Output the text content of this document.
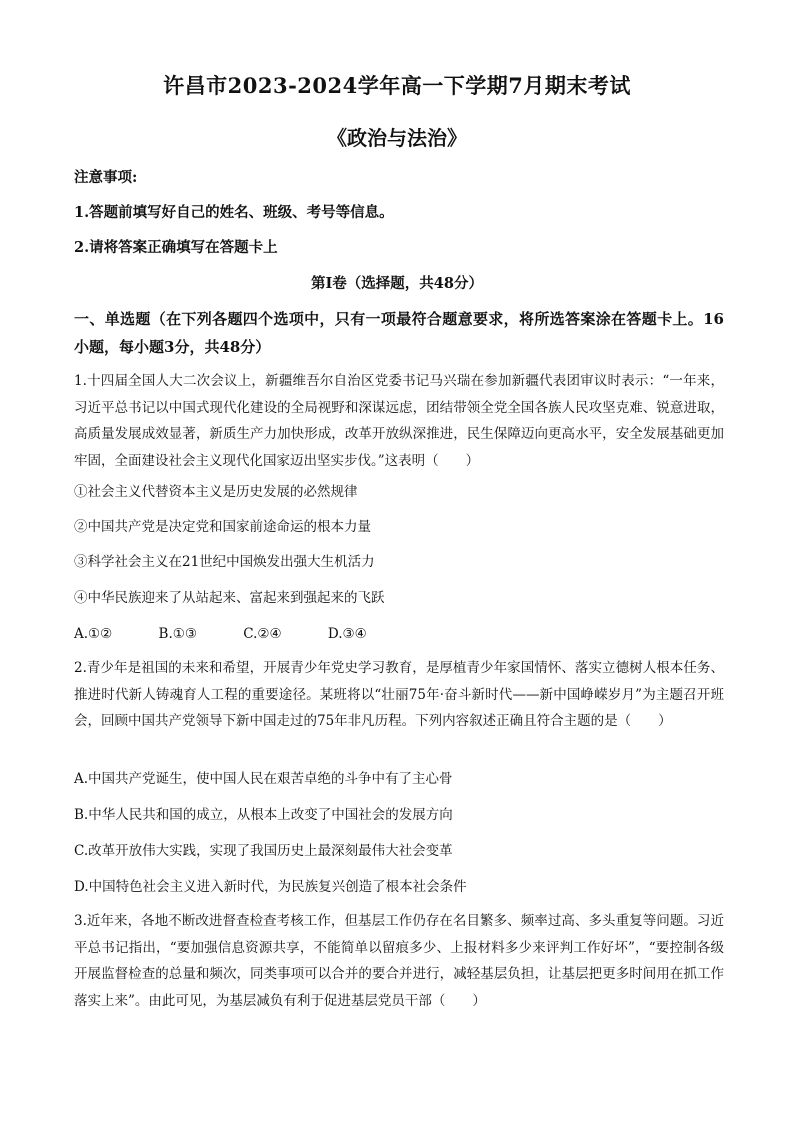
许昌市2023-2024学年高一下学期7月期末考试
《政治与法治》
注意事项:
1.答题前填写好自己的姓名、班级、考号等信息。
2.请将答案正确填写在答题卡上
第I卷（选择题，共48分）
一、单选题（在下列各题四个选项中，只有一项最符合题意要求，将所选答案涂在答题卡上。16小题，每小题3分，共48分）
1.十四届全国人大二次会议上，新疆维吾尔自治区党委书记马兴瑞在参加新疆代表团审议时表示：“一年来，习近平总书记以中国式现代化建设的全局视野和深谋远虑，团结带领全党全国各族人民攻坚克难、锐意进取，高质量发展成效显著，新质生产力加快形成，改革开放纵深推进，民生保障迈向更高水平，安全发展基础更加牢固，全面建设社会主义现代化国家迈出坚实步伐。”这表明（　　）
①社会主义代替资本主义是历史发展的必然规律
②中国共产党是决定党和国家前途命运的根本力量
③科学社会主义在21世纪中国焕发出强大生机活力
④中华民族迎来了从站起来、富起来到强起来的飞跃
A.①②	B.①③	C.②④	D.③④
2.青少年是祖国的未来和希望，开展青少年党史学习教育，是厚植青少年家国情怀、落实立德树人根本任务、推进时代新人铸魂育人工程的重要途径。某班将以“壮丽75年·奋斗新时代——新中国峥嵘岁月”为主题召开班会，回顾中国共产党领导下新中国走过的75年非凡历程。下列内容叙述正确且符合主题的是（　　）
A.中国共产党诞生，使中国人民在艰苦卓绝的斗争中有了主心骨
B.中华人民共和国的成立，从根本上改变了中国社会的发展方向
C.改革开放伟大实践，实现了我国历史上最深刻最伟大社会变革
D.中国特色社会主义进入新时代，为民族复兴创造了根本社会条件
3.近年来，各地不断改进督查检查考核工作，但基层工作仍存在名目繁多、频率过高、多头重复等问题。习近平总书记指出，“要加强信息资源共享，不能简单以留痕多少、上报材料多少来评判工作好坏”，“要控制各级开展监督检查的总量和频次，同类事项可以合并的要合并进行，减轻基层负担，让基层把更多时间用在抓工作落实上来”。由此可见，为基层减负有利于促进基层党员干部（　　）
